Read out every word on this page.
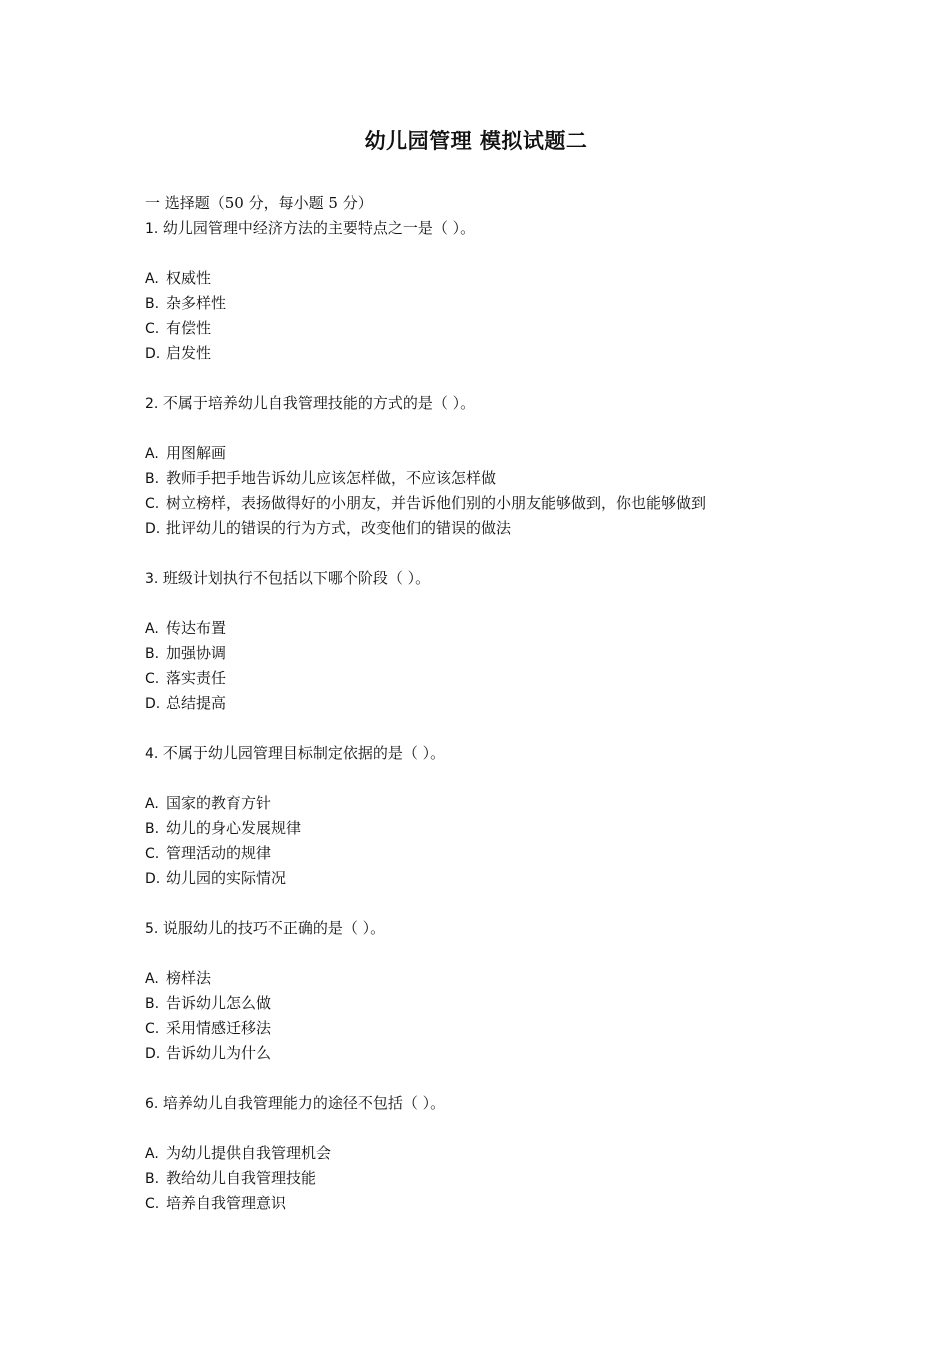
幼儿园管理 模拟试题二
一 选择题（50 分，每小题 5 分）
1. 幼儿园管理中经济方法的主要特点之一是（ ）。
A. 权威性
B. 杂多样性
C. 有偿性
D. 启发性
2. 不属于培养幼儿自我管理技能的方式的是（ ）。
A. 用图解画
B. 教师手把手地告诉幼儿应该怎样做，不应该怎样做
C. 树立榜样，表扬做得好的小朋友，并告诉他们别的小朋友能够做到，你也能够做到
D. 批评幼儿的错误的行为方式，改变他们的错误的做法
3. 班级计划执行不包括以下哪个阶段（ ）。
A. 传达布置
B. 加强协调
C. 落实责任
D. 总结提高
4. 不属于幼儿园管理目标制定依据的是（ ）。
A. 国家的教育方针
B. 幼儿的身心发展规律
C. 管理活动的规律
D. 幼儿园的实际情况
5. 说服幼儿的技巧不正确的是（ ）。
A. 榜样法
B. 告诉幼儿怎么做
C. 采用情感迁移法
D. 告诉幼儿为什么
6. 培养幼儿自我管理能力的途径不包括（ ）。
A. 为幼儿提供自我管理机会
B. 教给幼儿自我管理技能
C. 培养自我管理意识
